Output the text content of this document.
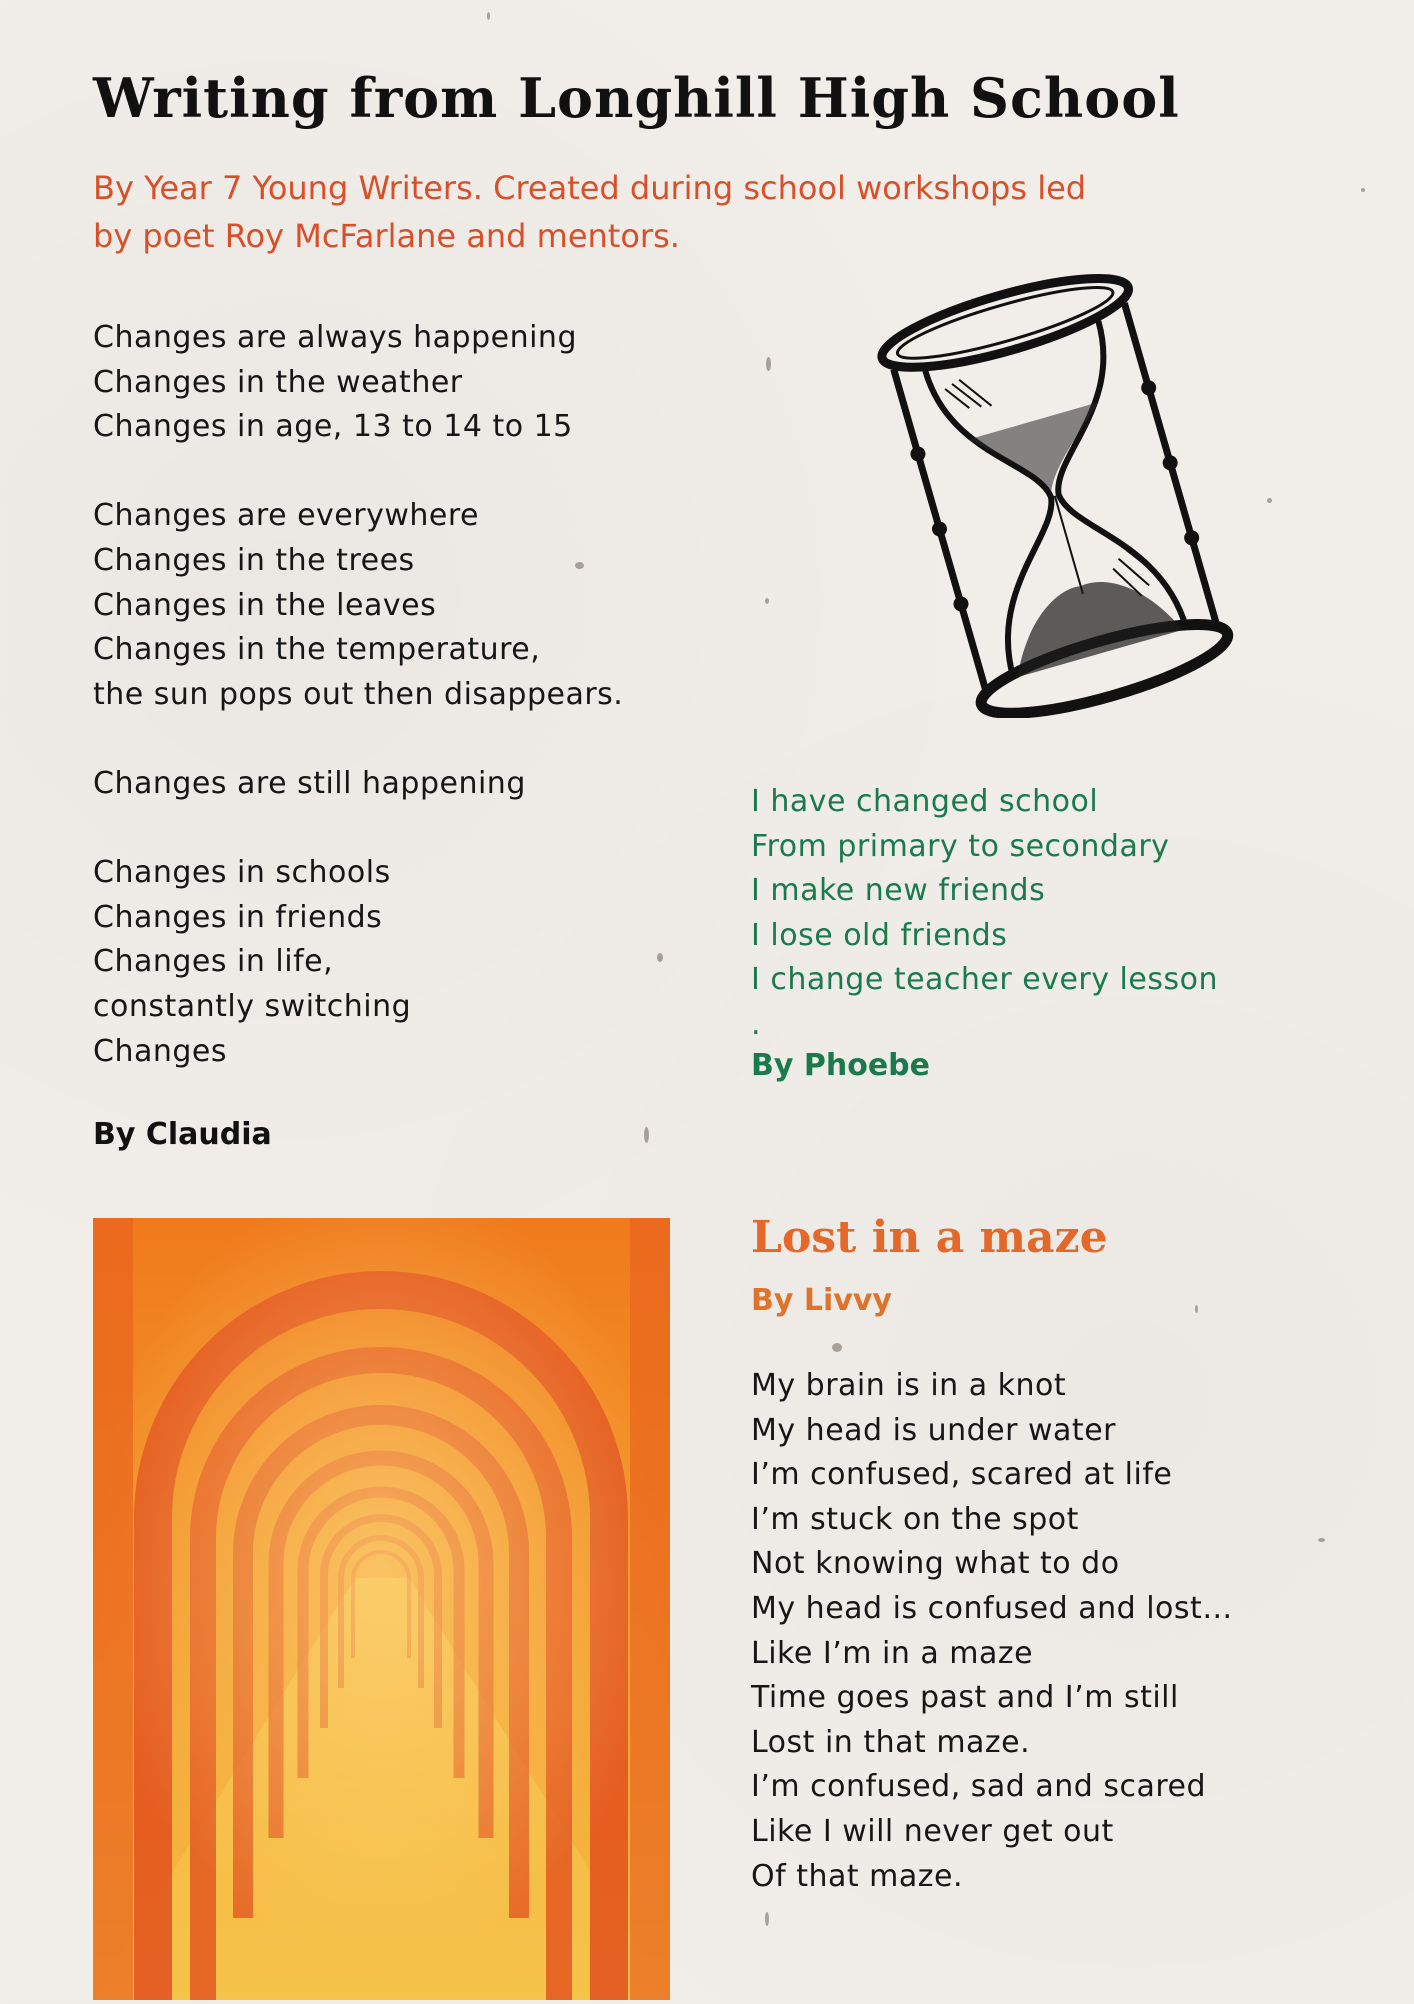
Writing from Longhill High School
By Year 7 Young Writers. Created during school workshops led by poet Roy McFarlane and mentors.
Changes are always happening
Changes in the weather
Changes in age, 13 to 14 to 15
Changes are everywhere
Changes in the trees
Changes in the leaves
Changes in the temperature,
the sun pops out then disappears.
Changes are still happening
Changes in schools
Changes in friends
Changes in life,
constantly switching
Changes
By Claudia
I have changed school
From primary to secondary
I make new friends
I lose old friends
I change teacher every lesson
.
By Phoebe
Lost in a maze
By Livvy
My brain is in a knot
My head is under water
I’m confused, scared at life
I’m stuck on the spot
Not knowing what to do
My head is confused and lost…
Like I’m in a maze
Time goes past and I’m still
Lost in that maze.
I’m confused, sad and scared
Like I will never get out
Of that maze.
